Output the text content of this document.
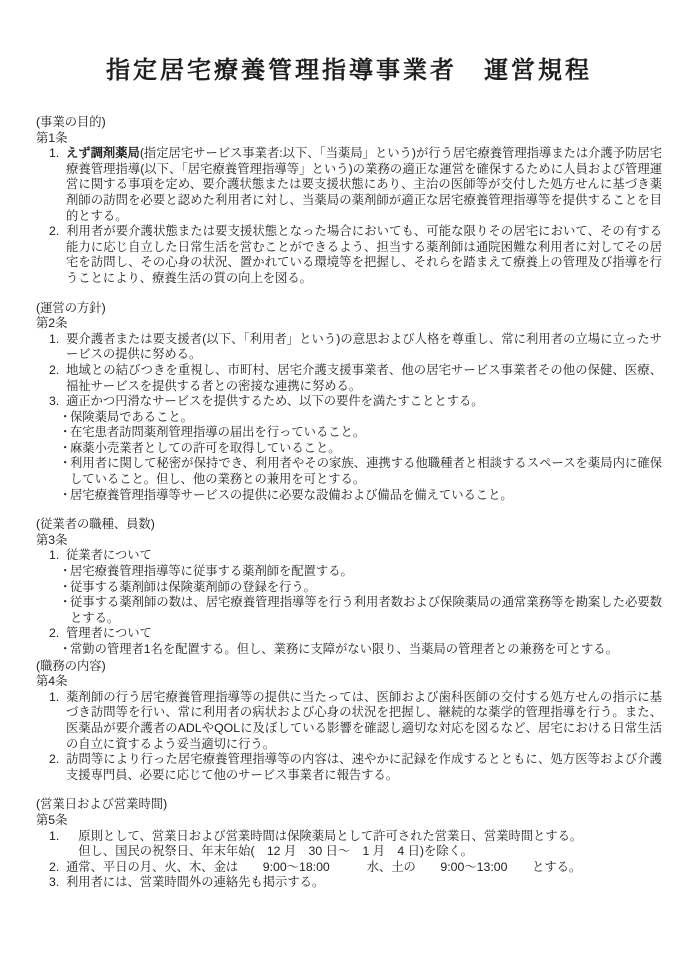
指定居宅療養管理指導事業者　運営規程
(事業の目的)
第1条
1. えず調剤薬局(指定居宅サービス事業者:以下、「当薬局」という)が行う居宅療養管理指導または介護予防居宅療養管理指導(以下、「居宅療養管理指導等」という)の業務の適正な運営を確保するために人員および管理運営に関する事項を定め、要介護状態または要支援状態にあり、主治の医師等が交付した処方せんに基づき薬剤師の訪問を必要と認めた利用者に対し、当薬局の薬剤師が適正な居宅療養管理指導等を提供することを目的とする。
2. 利用者が要介護状態または要支援状態となった場合においても、可能な限りその居宅において、その有する能力に応じ自立した日常生活を営むことができるよう、担当する薬剤師は通院困難な利用者に対してその居宅を訪問し、その心身の状況、置かれている環境等を把握し、それらを踏まえて療養上の管理及び指導を行うことにより、療養生活の質の向上を図る。
(運営の方針)
第2条
1. 要介護者または要支援者(以下、「利用者」という)の意思および人格を尊重し、常に利用者の立場に立ったサービスの提供に努める。
2. 地域との結びつきを重視し、市町村、居宅介護支援事業者、他の居宅サービス事業者その他の保健、医療、福祉サービスを提供する者との密接な連携に努める。
3. 適正かつ円滑なサービスを提供するため、以下の要件を満たすこととする。
・保険薬局であること。
・在宅患者訪問薬剤管理指導の届出を行っていること。
・麻薬小売業者としての許可を取得していること。
・利用者に関して秘密が保持でき、利用者やその家族、連携する他職種者と相談するスペースを薬局内に確保していること。但し、他の業務との兼用を可とする。
・居宅療養管理指導等サービスの提供に必要な設備および備品を備えていること。
(従業者の職種、員数)
第3条
1. 従業者について
・居宅療養管理指導等に従事する薬剤師を配置する。
・従事する薬剤師は保険薬剤師の登録を行う。
・従事する薬剤師の数は、居宅療養管理指導等を行う利用者数および保険薬局の通常業務等を勘案した必要数とする。
2. 管理者について
・常勤の管理者1名を配置する。但し、業務に支障がない限り、当薬局の管理者との兼務を可とする。
(職務の内容)
第4条
1. 薬剤師の行う居宅療養管理指導等の提供に当たっては、医師および歯科医師の交付する処方せんの指示に基づき訪問等を行い、常に利用者の病状および心身の状況を把握し、継続的な薬学的管理指導を行う。また、医薬品が要介護者のADLやQOLに及ぼしている影響を確認し適切な対応を図るなど、居宅における日常生活の自立に資するよう妥当適切に行う。
2. 訪問等により行った居宅療養管理指導等の内容は、速やかに記録を作成するとともに、処方医等および介護支援専門員、必要に応じて他のサービス事業者に報告する。
(営業日および営業時間)
第5条
1.　原則として、営業日および営業時間は保険薬局として許可された営業日、営業時間とする。
　但し、国民の祝祭日、年末年始(　12 月　30 日～　1 月　4 日)を除く。
2. 通常、平日の月、火、木、金は　　9:00～18:00　　　水、土の　　9:00～13:00　　とする。
3. 利用者には、営業時間外の連絡先も掲示する。
